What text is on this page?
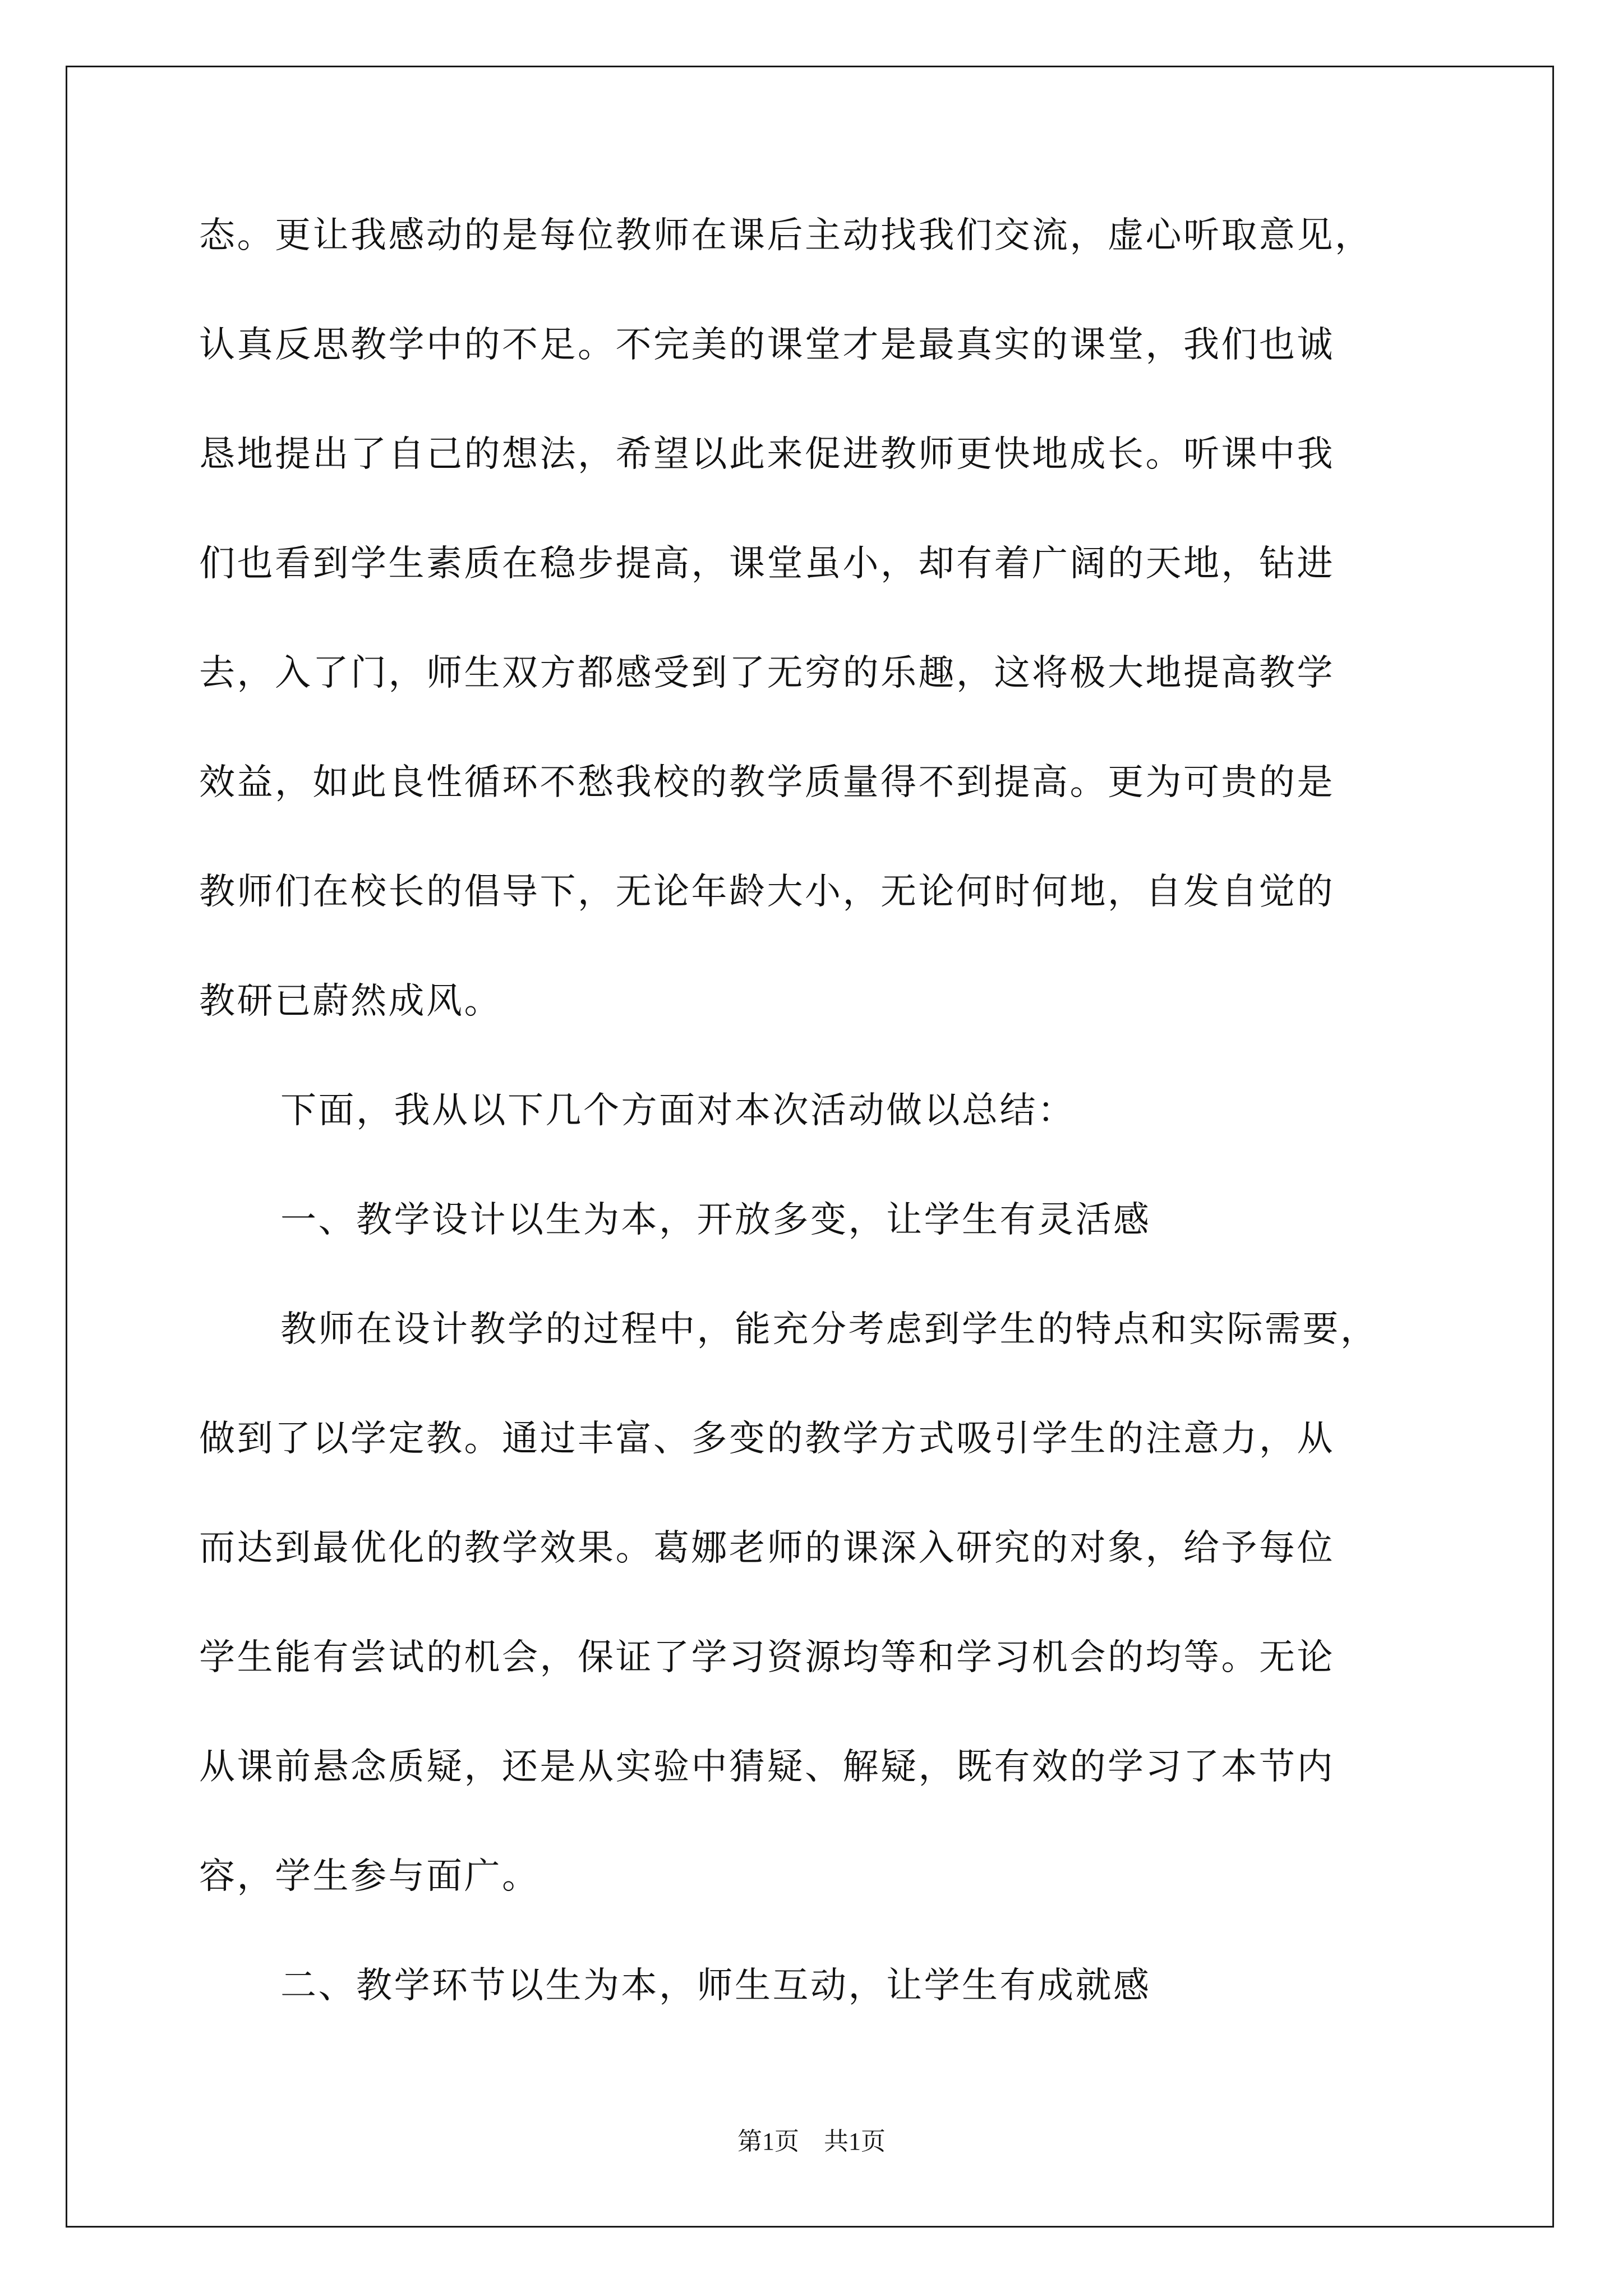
态。更让我感动的是每位教师在课后主动找我们交流，虚心听取意见，

认真反思教学中的不足。不完美的课堂才是最真实的课堂，我们也诚

恳地提出了自己的想法，希望以此来促进教师更快地成长。听课中我

们也看到学生素质在稳步提高，课堂虽小，却有着广阔的天地，钻进

去，入了门，师生双方都感受到了无穷的乐趣，这将极大地提高教学

效益，如此良性循环不愁我校的教学质量得不到提高。更为可贵的是

教师们在校长的倡导下，无论年龄大小，无论何时何地，自发自觉的

教研已蔚然成风。

下面，我从以下几个方面对本次活动做以总结：

一、教学设计以生为本，开放多变，让学生有灵活感

教师在设计教学的过程中，能充分考虑到学生的特点和实际需要，

做到了以学定教。通过丰富、多变的教学方式吸引学生的注意力，从

而达到最优化的教学效果。葛娜老师的课深入研究的对象，给予每位

学生能有尝试的机会，保证了学习资源均等和学习机会的均等。无论

从课前悬念质疑，还是从实验中猜疑、解疑，既有效的学习了本节内

容，学生参与面广。

二、教学环节以生为本，师生互动，让学生有成就感

第1页　共1页
